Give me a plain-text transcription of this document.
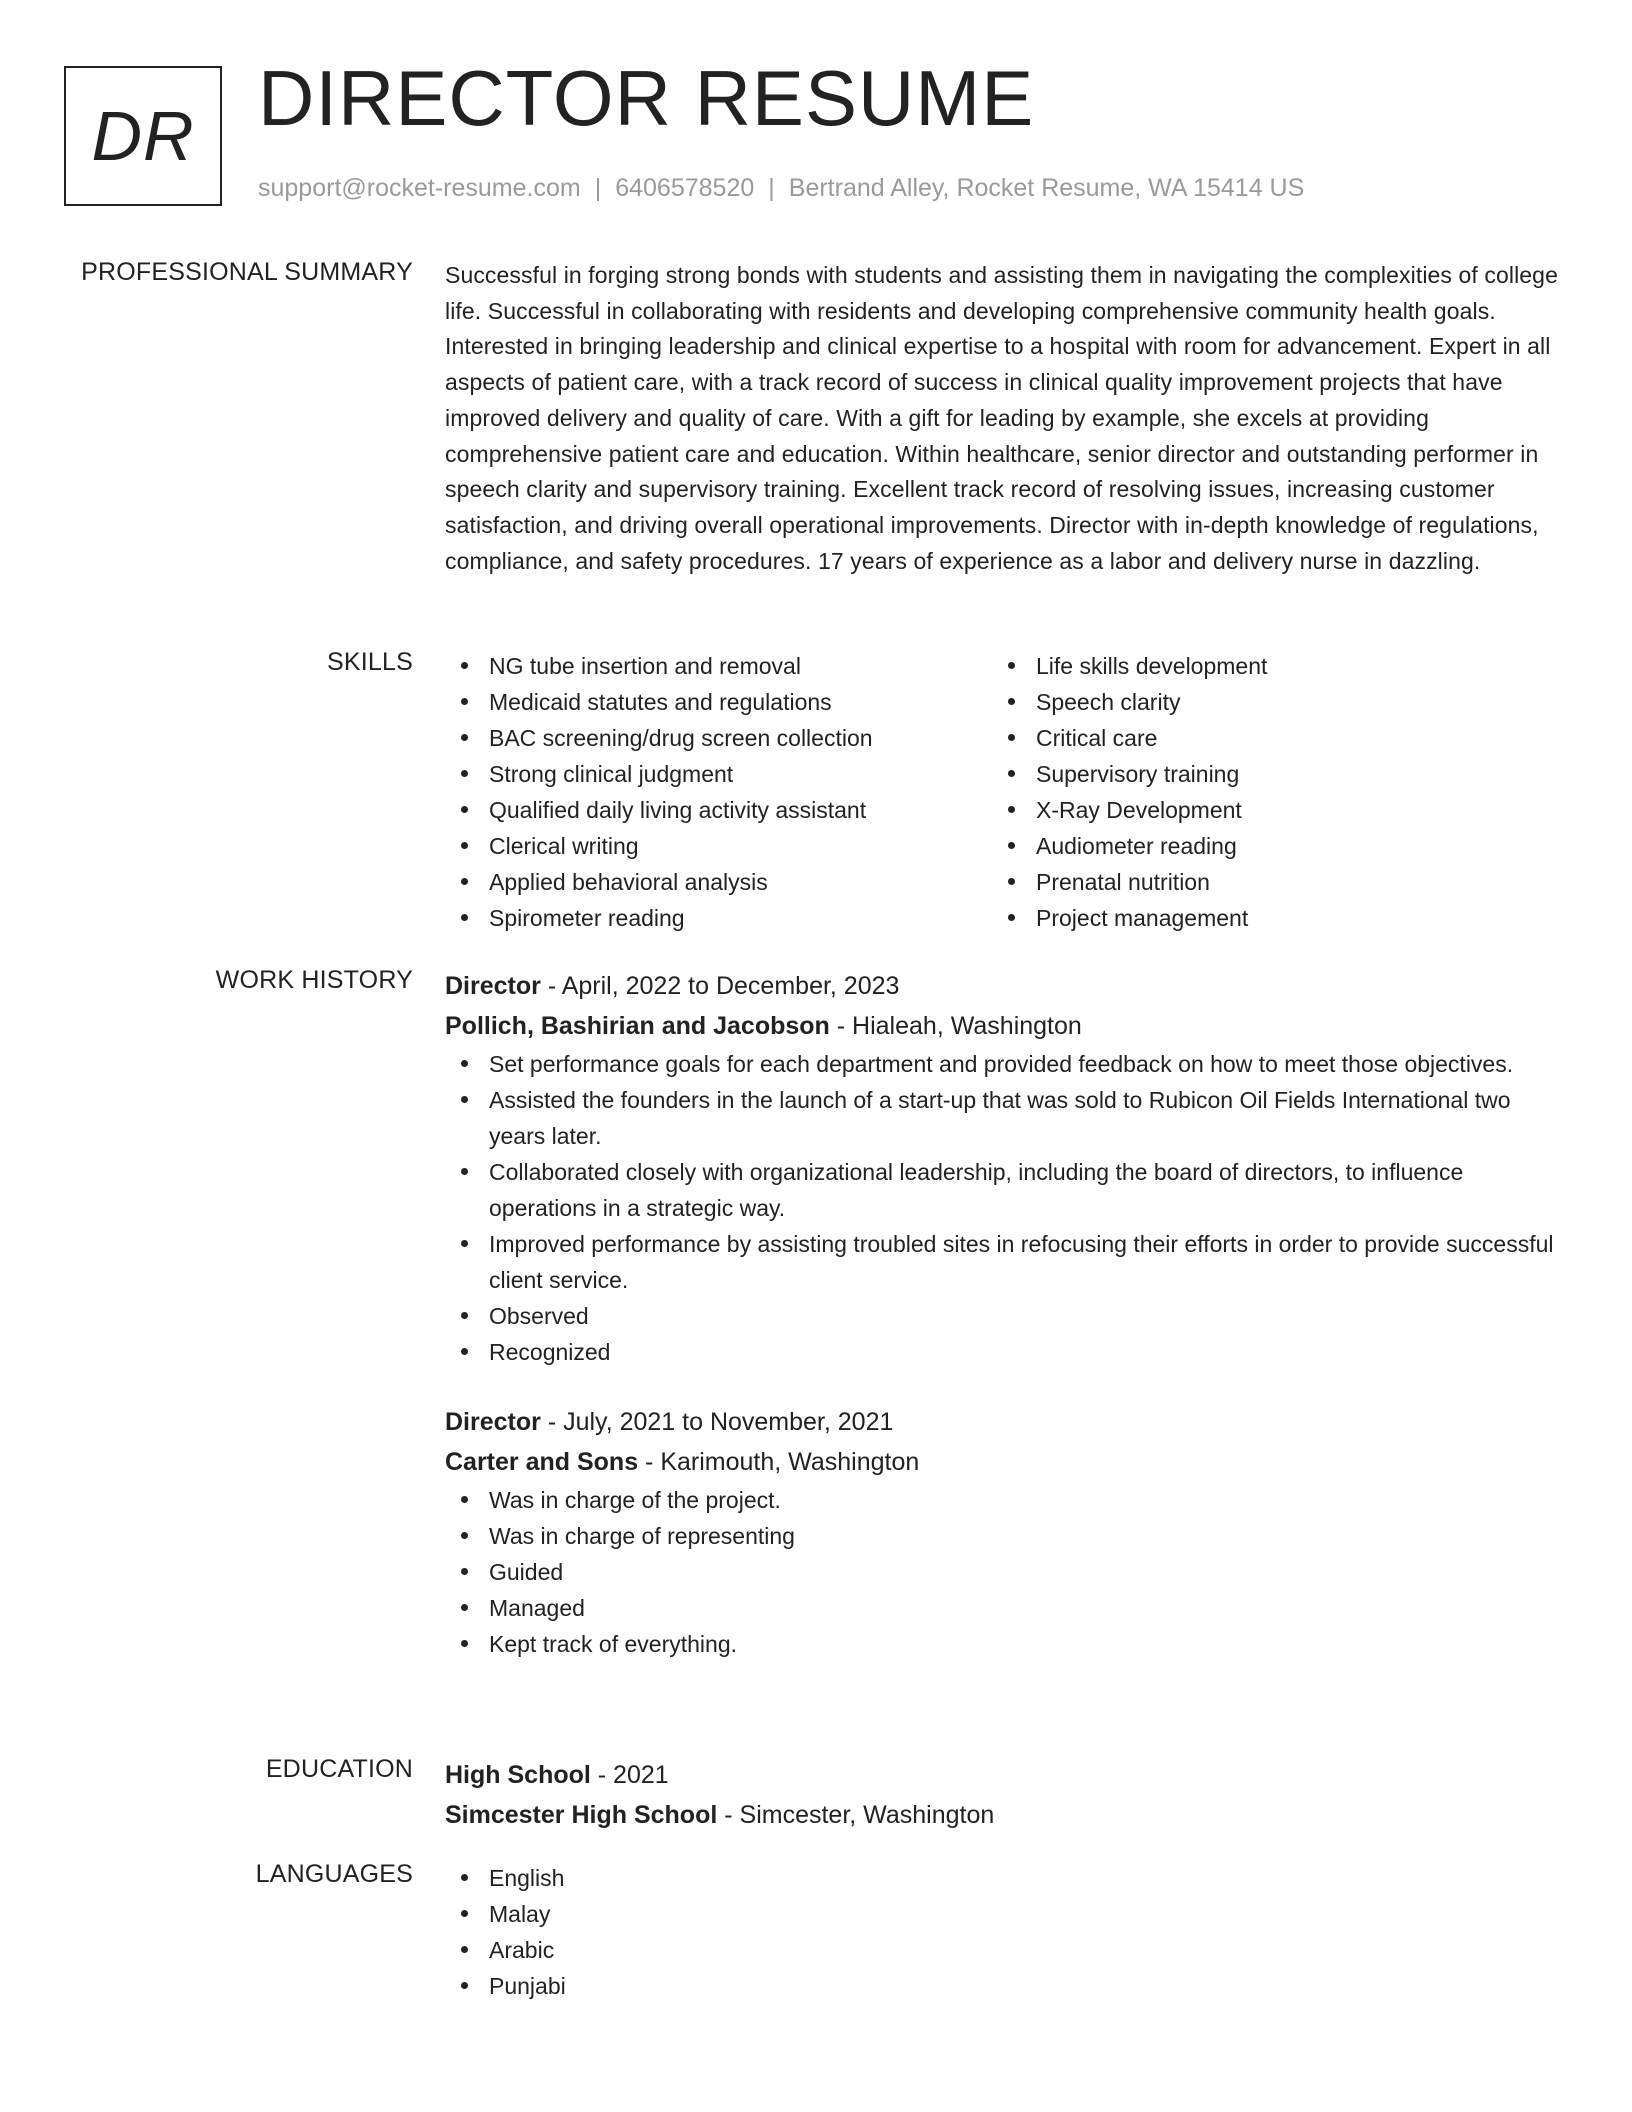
DR DIRECTOR RESUME
support@rocket-resume.com | 6406578520 | Bertrand Alley, Rocket Resume, WA 15414 US
PROFESSIONAL SUMMARY Successful in forging strong bonds with students and assisting them in navigating the complexities of college life. Successful in collaborating with residents and developing comprehensive community health goals. Interested in bringing leadership and clinical expertise to a hospital with room for advancement. Expert in all aspects of patient care, with a track record of success in clinical quality improvement projects that have improved delivery and quality of care. With a gift for leading by example, she excels at providing comprehensive patient care and education. Within healthcare, senior director and outstanding performer in speech clarity and supervisory training. Excellent track record of resolving issues, increasing customer satisfaction, and driving overall operational improvements. Director with in-depth knowledge of regulations, compliance, and safety procedures. 17 years of experience as a labor and delivery nurse in dazzling.

SKILLS	NG tube insertion and removal
Medicaid statutes and regulations
BAC screening/drug screen collection
Strong clinical judgment
Qualified daily living activity assistant
Clerical writing
Applied behavioral analysis
Spirometer reading
Life skills development
Speech clarity
Critical care
Supervisory training
X-Ray Development
Audiometer reading
Prenatal nutrition
Project management
WORK HISTORY Director - April, 2022 to December, 2023
Pollich, Bashirian and Jacobson - Hialeah, Washington
Set performance goals for each department and provided feedback on how to meet those objectives.
Assisted the founders in the launch of a start-up that was sold to Rubicon Oil Fields International two years later.
Collaborated closely with organizational leadership, including the board of directors, to influence operations in a strategic way.
Improved performance by assisting troubled sites in refocusing their efforts in order to provide successful client service.
Observed
Recognized
Director - July, 2021 to November, 2021
Carter and Sons - Karimouth, Washington
Was in charge of the project.
Was in charge of representing
Guided
Managed
Kept track of everything.
EDUCATION High School - 2021
Simcester High School - Simcester, Washington
LANGUAGES	English
Malay
Arabic
Punjabi
